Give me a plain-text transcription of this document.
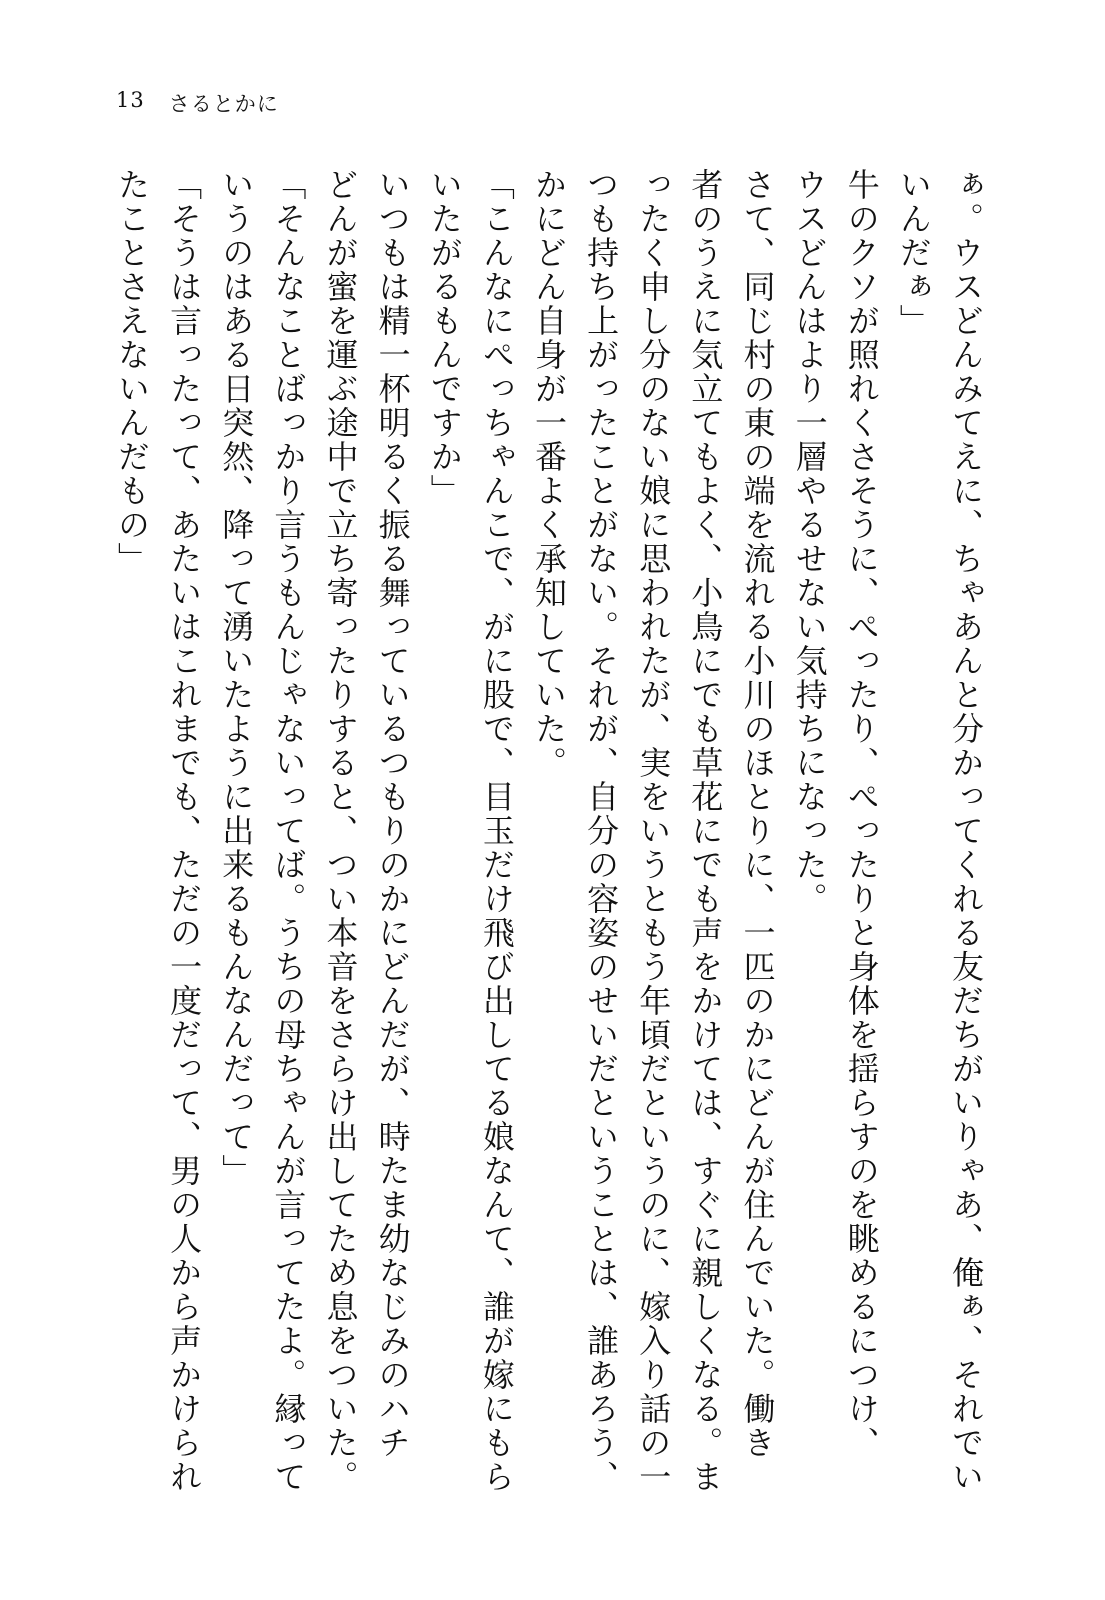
13 さるとかに
ぁ。ウスどんみてえに、ちゃあんと分かってくれる友だちがいりゃあ、俺ぁ、それでい
いんだぁ」
牛のクソが照れくさそうに、ぺったり、ぺったりと身体を揺らすのを眺めるにつけ、
ウスどんはより一層やるせない気持ちになった。
さて、同じ村の東の端を流れる小川のほとりに、一匹のかにどんが住んでいた。働き
者のうえに気立てもよく、小鳥にでも草花にでも声をかけては、すぐに親しくなる。ま
ったく申し分のない娘に思われたが、実をいうともう年頃だというのに、嫁入り話の一
つも持ち上がったことがない。それが、自分の容姿のせいだということは、誰あろう、
かにどん自身が一番よく承知していた。
「こんなにぺっちゃんこで、がに股で、目玉だけ飛び出してる娘なんて、誰が嫁にもら
いたがるもんですか」
いつもは精一杯明るく振る舞っているつもりのかにどんだが、時たま幼なじみのハチ
どんが蜜を運ぶ途中で立ち寄ったりすると、つい本音をさらけ出してため息をついた。
「そんなことばっかり言うもんじゃないってば。うちの母ちゃんが言ってたよ。縁って
いうのはある日突然、降って湧いたように出来るもんなんだって」
「そうは言ったって、あたいはこれまでも、ただの一度だって、男の人から声かけられ
たことさえないんだもの」
